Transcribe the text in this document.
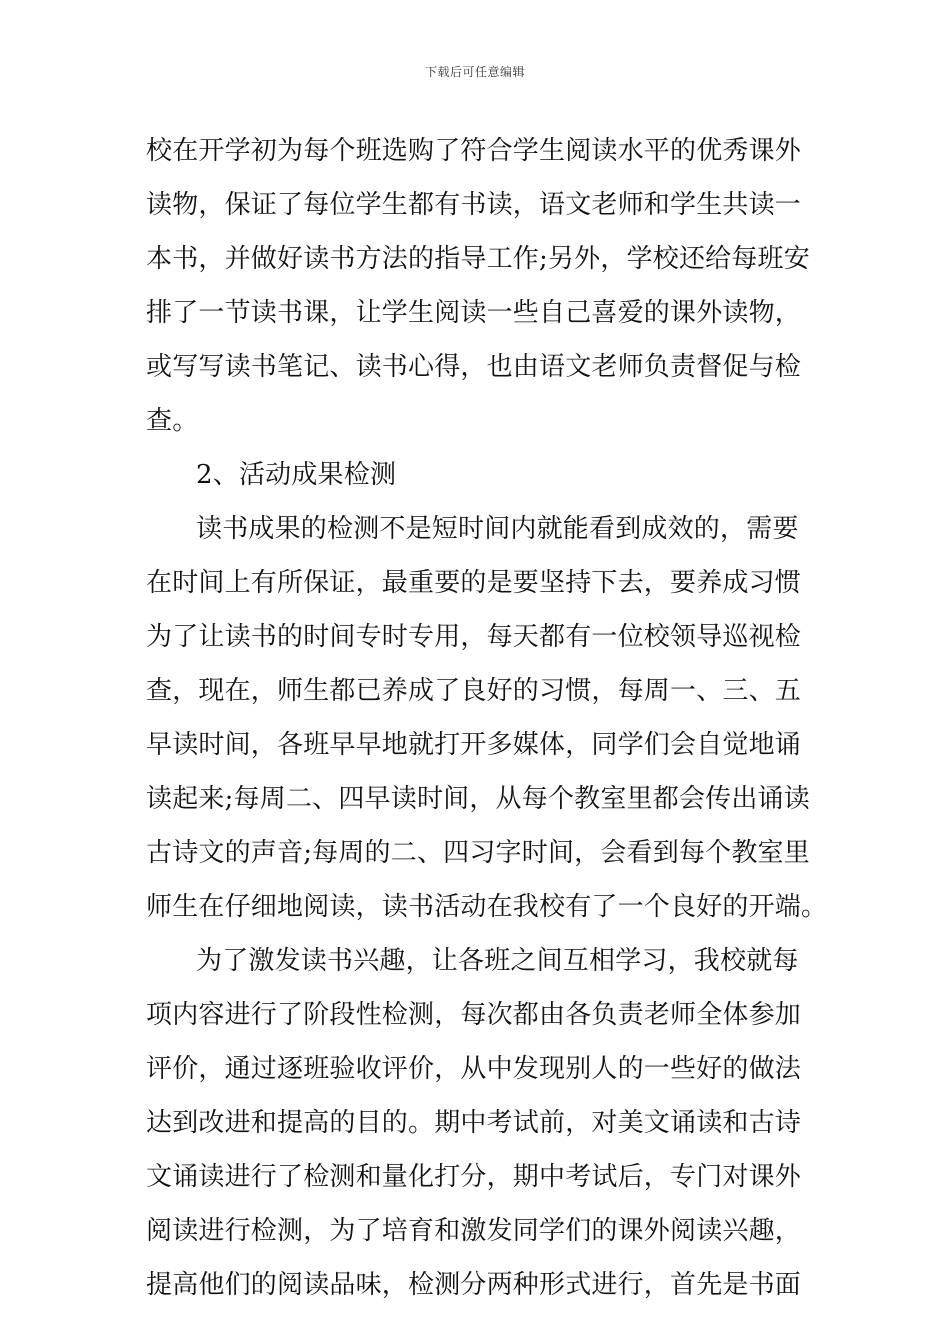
下载后可任意编辑
校在开学初为每个班选购了符合学生阅读水平的优秀课外
读物，保证了每位学生都有书读，语文老师和学生共读一
本书，并做好读书方法的指导工作;另外，学校还给每班安
排了一节读书课，让学生阅读一些自己喜爱的课外读物，
或写写读书笔记、读书心得，也由语文老师负责督促与检
查。
2、活动成果检测
读书成果的检测不是短时间内就能看到成效的，需要
在时间上有所保证，最重要的是要坚持下去，要养成习惯
为了让读书的时间专时专用，每天都有一位校领导巡视检
查，现在，师生都已养成了良好的习惯，每周一、三、五
早读时间，各班早早地就打开多媒体，同学们会自觉地诵
读起来;每周二、四早读时间，从每个教室里都会传出诵读
古诗文的声音;每周的二、四习字时间，会看到每个教室里
师生在仔细地阅读，读书活动在我校有了一个良好的开端。
为了激发读书兴趣，让各班之间互相学习，我校就每
项内容进行了阶段性检测，每次都由各负责老师全体参加
评价，通过逐班验收评价，从中发现别人的一些好的做法
达到改进和提高的目的。期中考试前，对美文诵读和古诗
文诵读进行了检测和量化打分，期中考试后，专门对课外
阅读进行检测，为了培育和激发同学们的课外阅读兴趣，
提高他们的阅读品味，检测分两种形式进行，首先是书面
